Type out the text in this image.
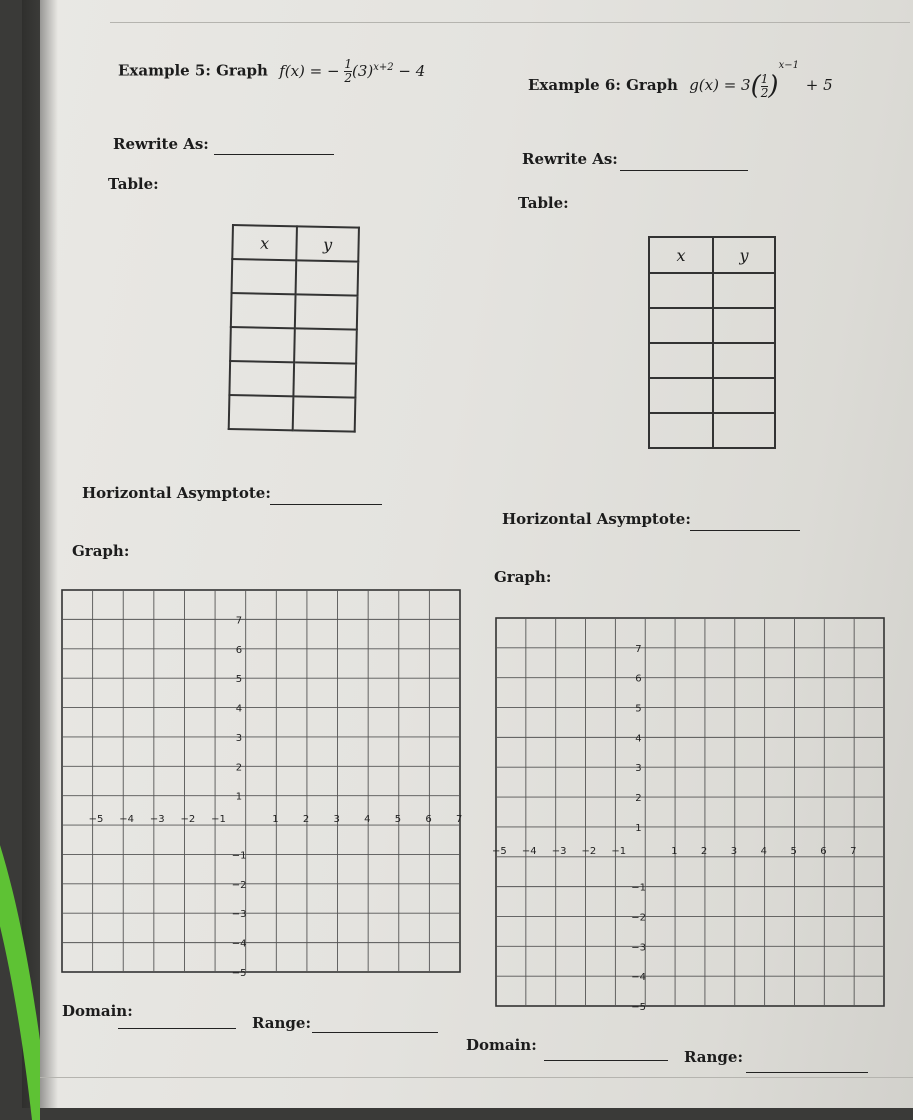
Example 5: Graph f(x) = − $\frac{1}{2} (3)^{x+2} - 4$
Example 6: Graph $g(x) = 3( \frac{1}{2} )^{x-1} + 5$
Rewrite As:
Rewrite As:
Table:
Table:
x	y

x	y

Horizontal Asymptote:
Horizontal Asymptote:
Graph:
Graph:
−5 −4 −3 −2 −1	1 2 3 4 5 6 7
7
6
5
4
3
2
1
−1
−2
−3
−4
−5
−5 −4 −3 −2 −1	1 2 3 4 5 6 7
7
6
5
4
3
2
1
−1
−2
−3
−4
−5
Domain:
Range:
Domain:
Range:
